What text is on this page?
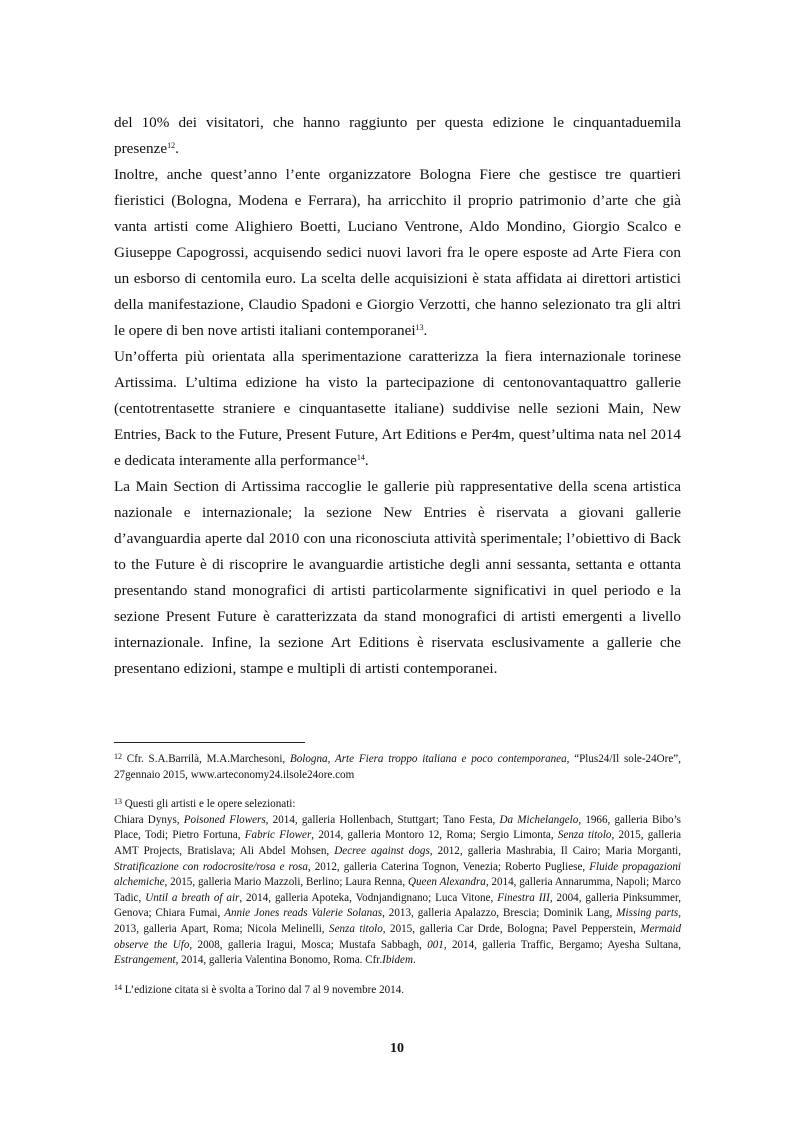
del 10% dei visitatori, che hanno raggiunto per questa edizione le cinquantaduemila presenze$^{12}$.

Inoltre, anche quest’anno l’ente organizzatore Bologna Fiere che gestisce tre quartieri fieristici (Bologna, Modena e Ferrara), ha arricchito il proprio patrimonio d’arte che già vanta artisti come Alighiero Boetti, Luciano Ventrone, Aldo Mondino, Giorgio Scalco e Giuseppe Capogrossi, acquisendo sedici nuovi lavori fra le opere esposte ad Arte Fiera con un esborso di centomila euro. La scelta delle acquisizioni è stata affidata ai direttori artistici della manifestazione, Claudio Spadoni e Giorgio Verzotti, che hanno selezionato tra gli altri le opere di ben nove artisti italiani contemporanei$^{13}$.

Un’offerta più orientata alla sperimentazione caratterizza la fiera internazionale torinese Artissima. L’ultima edizione ha visto la partecipazione di centonovantaquattro gallerie (centotrentasette straniere e cinquantasette italiane) suddivise nelle sezioni Main, New Entries, Back to the Future, Present Future, Art Editions e Per4m, quest’ultima nata nel 2014 e dedicata interamente alla performance$^{14}$.

La Main Section di Artissima raccoglie le gallerie più rappresentative della scena artistica nazionale e internazionale; la sezione New Entries è riservata a giovani gallerie d’avanguardia aperte dal 2010 con una riconosciuta attività sperimentale; l’obiettivo di Back to the Future è di riscoprire le avanguardie artistiche degli anni sessanta, settanta e ottanta presentando stand monografici di artisti particolarmente significativi in quel periodo e la sezione Present Future è caratterizzata da stand monografici di artisti emergenti a livello internazionale. Infine, la sezione Art Editions è riservata esclusivamente a gallerie che presentano edizioni, stampe e multipli di artisti contemporanei.

$^{12}$ Cfr. S.A.Barrilà, M.A.Marchesoni, Bologna, Arte Fiera troppo italiana e poco contemporanea, “Plus24/Il sole-24Ore”, 27gennaio 2015, www.arteconomy24.ilsole24ore.com

$^{13}$ Questi gli artisti e le opere selezionati:

Chiara Dynys, Poisoned Flowers, 2014, galleria Hollenbach, Stuttgart; Tano Festa, Da Michelangelo, 1966, galleria Bibo’s Place, Todi; Pietro Fortuna, Fabric Flower, 2014, galleria Montoro 12, Roma; Sergio Limonta, Senza titolo, 2015, galleria AMT Projects, Bratislava; Ali Abdel Mohsen, Decree against dogs, 2012, galleria Mashrabia, Il Cairo; Maria Morganti, Stratificazione con rodocrosite/rosa e rosa, 2012, galleria Caterina Tognon, Venezia; Roberto Pugliese, Fluide propagazioni alchemiche, 2015, galleria Mario Mazzoli, Berlino; Laura Renna, Queen Alexandra, 2014, galleria Annarumma, Napoli; Marco Tadic, Until a breath of air, 2014, galleria Apoteka, Vodnjandignano; Luca Vitone, Finestra III, 2004, galleria Pinksummer, Genova; Chiara Fumai, Annie Jones reads Valerie Solanas, 2013, galleria Apalazzo, Brescia; Dominik Lang, Missing parts, 2013, galleria Apart, Roma; Nicola Melinelli, Senza titolo, 2015, galleria Car Drde, Bologna; Pavel Pepperstein, Mermaid observe the Ufo, 2008, galleria Iragui, Mosca; Mustafa Sabbagh, 001, 2014, galleria Traffic, Bergamo; Ayesha Sultana, Estrangement, 2014, galleria Valentina Bonomo, Roma. Cfr.Ibidem.

$^{14}$ L’edizione citata si è svolta a Torino dal 7 al 9 novembre 2014.

10
